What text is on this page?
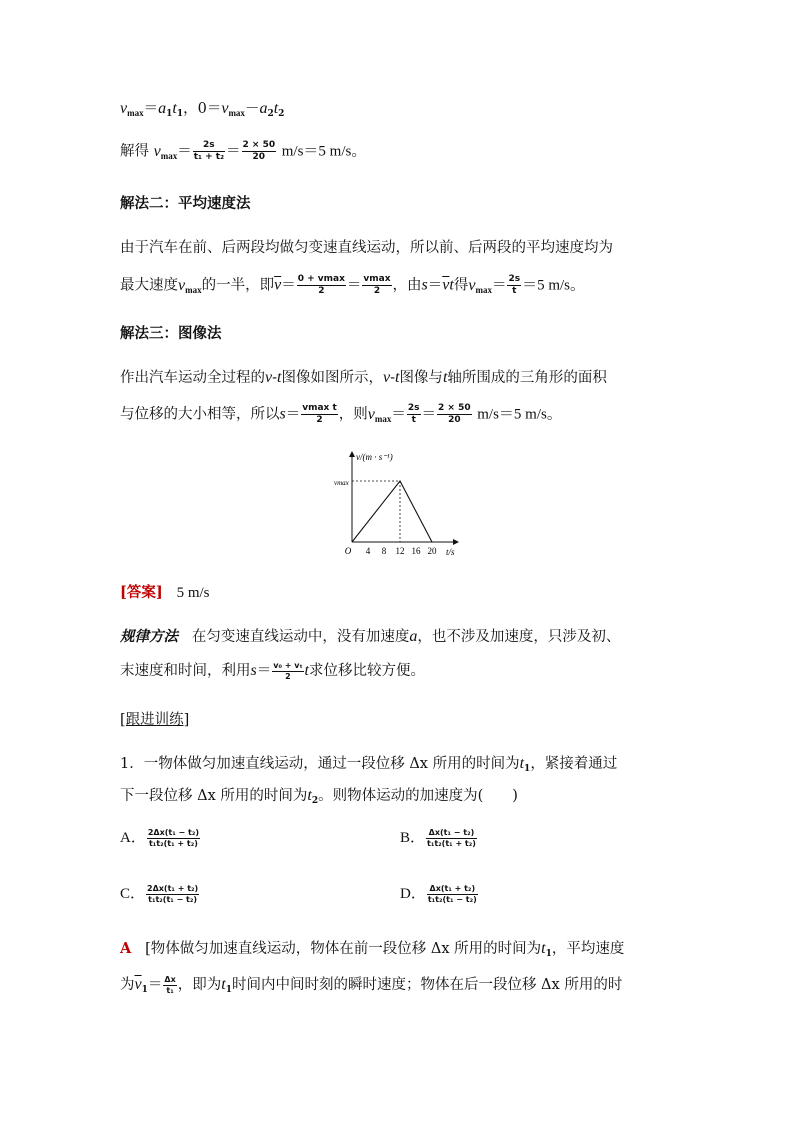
$v_{max}=a_1t_1$，$0=v_{max}-a_2t_2$
解得 $v_{max}= \frac{2s}{\text{t₁ + t₂}} = \frac{2 \times 50}{20} m/s=5$ m/s。
解法二：平均速度法
由于汽车在前、后两段均做匀变速直线运动，所以前、后两段的平均速度均为
最大速度$v_{max}$的一半，即$\overline{v}= \frac{0 + vmax}{2} = \frac{vmax}{2}$ ，由$s=\overline{v}t$得$v_{max}= \frac{2s}{t} =5$ m/s。
解法三：图像法
作出汽车运动全过程的v-t图像如图所示，v-t图像与t轴所围成的三角形的面积
与位移的大小相等，所以$s= \frac{\text{vmax t}}{2}$ ，则$v_{max}= \frac{2s}{t} = \frac{2 \times 50}{20} m/s=5$ m/s。
v/(m · s⁻¹)
vmax
O 4 8 12 16 20 t/s
[答案] 5 m/s
规律方法 在匀变速直线运动中，没有加速度a，也不涉及加速度，只涉及初、
末速度和时间，利用$s= \frac{\text{v₀ + vₜ}}{2}$ t求位移比较方便。
[跟进训练]
1．一物体做匀加速直线运动，通过一段位移 Δx 所用的时间为$t_1$，紧接着通过
下一段位移 Δx 所用的时间为$t_2$。则物体运动的加速度为(　　)
A． $\frac{\text{2Δx(t₁ − t₂)}}{\text{t₁t₂(t₁ + t₂)}}$	B． $\frac{\text{Δx(t₁ − t₂)}}{\text{t₁t₂(t₁ + t₂)}}$
C． $\frac{\text{2Δx(t₁ + t₂)}}{\text{t₁t₂(t₁ − t₂)}}$	D． $\frac{\text{Δx(t₁ + t₂)}}{\text{t₁t₂(t₁ − t₂)}}$
A [物体做匀加速直线运动，物体在前一段位移 Δx 所用的时间为$t_1$，平均速度
为$\overline{v}_1= \frac{\Delta x}{\text{t₁}}$ ，即为$t_1$时间内中间时刻的瞬时速度；物体在后一段位移 Δx 所用的时
